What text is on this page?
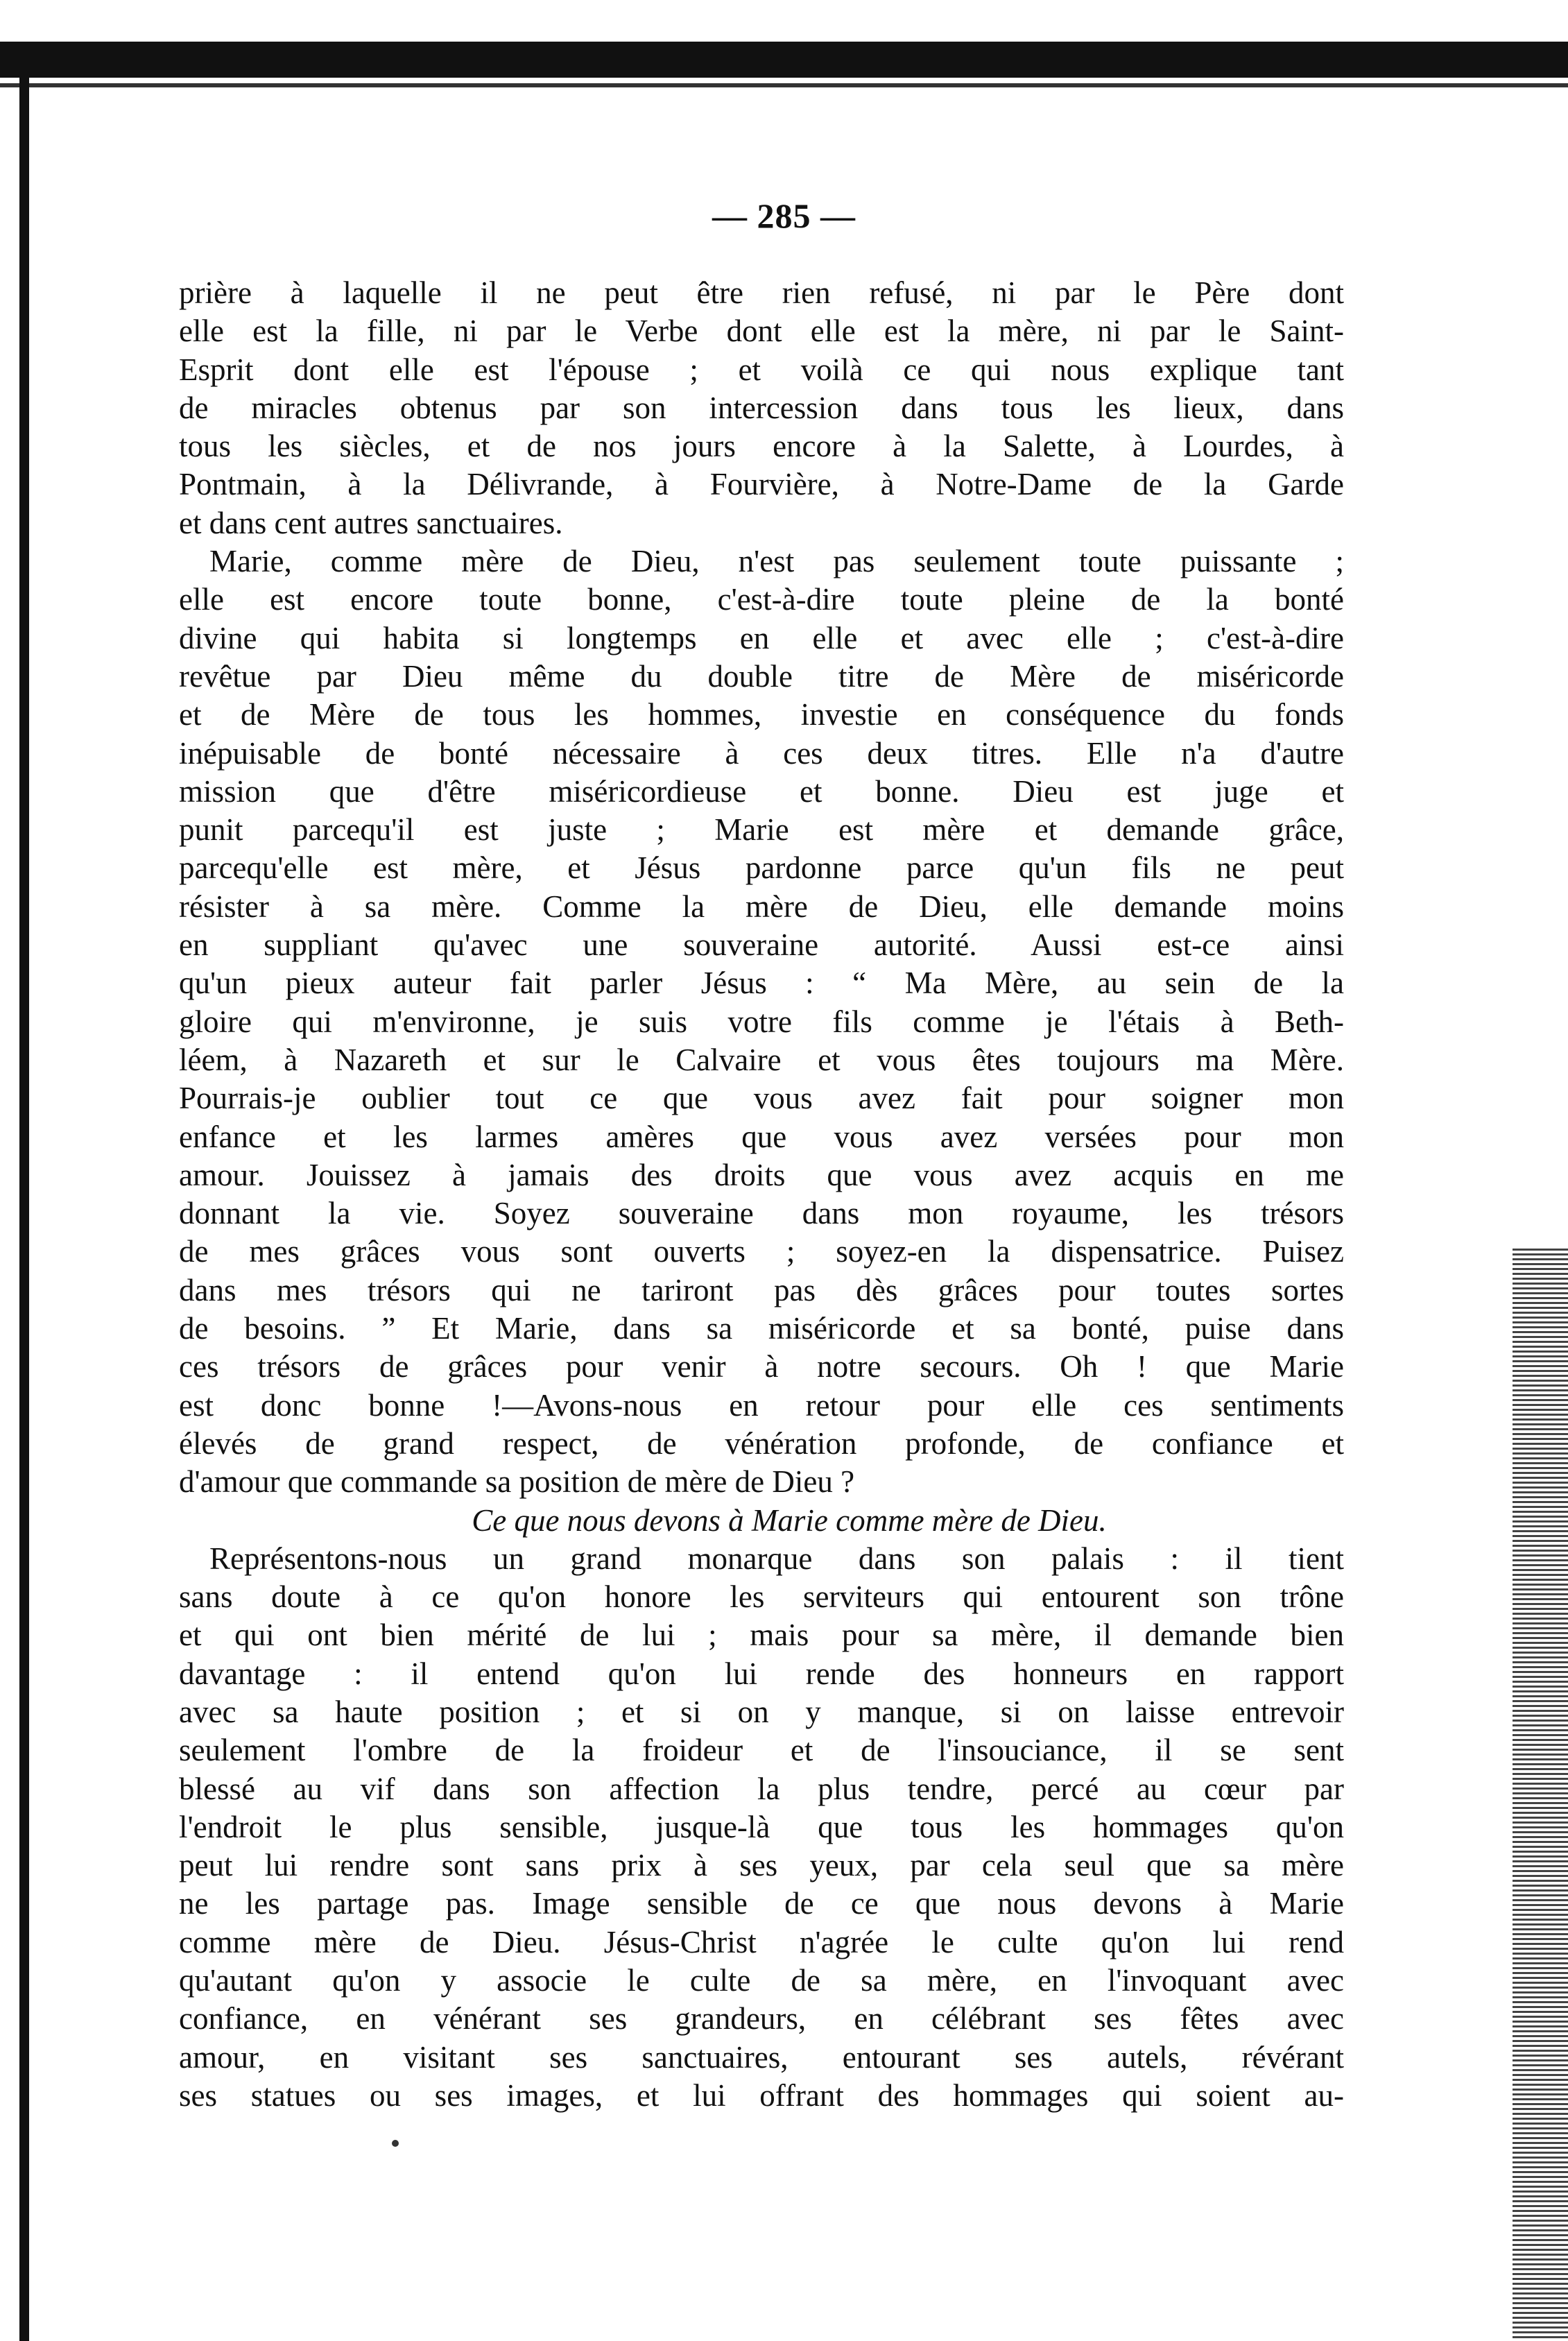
— 285 —
prière à laquelle il ne peut être rien refusé, ni par le Père dont
elle est la fille, ni par le Verbe dont elle est la mère, ni par le Saint-
Esprit dont elle est l'épouse ; et voilà ce qui nous explique tant
de miracles obtenus par son intercession dans tous les lieux, dans
tous les siècles, et de nos jours encore à la Salette, à Lourdes, à
Pontmain, à la Délivrande, à Fourvière, à Notre-Dame de la Garde
et dans cent autres sanctuaires.
Marie, comme mère de Dieu, n'est pas seulement toute puissante ;
elle est encore toute bonne, c'est-à-dire toute pleine de la bonté
divine qui habita si longtemps en elle et avec elle ; c'est-à-dire
revêtue par Dieu même du double titre de Mère de miséricorde
et de Mère de tous les hommes, investie en conséquence du fonds
inépuisable de bonté nécessaire à ces deux titres. Elle n'a d'autre
mission que d'être miséricordieuse et bonne. Dieu est juge et
punit parcequ'il est juste ; Marie est mère et demande grâce,
parcequ'elle est mère, et Jésus pardonne parce qu'un fils ne peut
résister à sa mère. Comme la mère de Dieu, elle demande moins
en suppliant qu'avec une souveraine autorité. Aussi est-ce ainsi
qu'un pieux auteur fait parler Jésus : “ Ma Mère, au sein de la
gloire qui m'environne, je suis votre fils comme je l'étais à Beth-
léem, à Nazareth et sur le Calvaire et vous êtes toujours ma Mère.
Pourrais-je oublier tout ce que vous avez fait pour soigner mon
enfance et les larmes amères que vous avez versées pour mon
amour. Jouissez à jamais des droits que vous avez acquis en me
donnant la vie. Soyez souveraine dans mon royaume, les trésors
de mes grâces vous sont ouverts ; soyez-en la dispensatrice. Puisez
dans mes trésors qui ne tariront pas dès grâces pour toutes sortes
de besoins. ” Et Marie, dans sa miséricorde et sa bonté, puise dans
ces trésors de grâces pour venir à notre secours. Oh ! que Marie
est donc bonne !—Avons-nous en retour pour elle ces sentiments
élevés de grand respect, de vénération profonde, de confiance et
d'amour que commande sa position de mère de Dieu ?
Ce que nous devons à Marie comme mère de Dieu.
Représentons-nous un grand monarque dans son palais : il tient
sans doute à ce qu'on honore les serviteurs qui entourent son trône
et qui ont bien mérité de lui ; mais pour sa mère, il demande bien
davantage : il entend qu'on lui rende des honneurs en rapport
avec sa haute position ; et si on y manque, si on laisse entrevoir
seulement l'ombre de la froideur et de l'insouciance, il se sent
blessé au vif dans son affection la plus tendre, percé au cœur par
l'endroit le plus sensible, jusque-là que tous les hommages qu'on
peut lui rendre sont sans prix à ses yeux, par cela seul que sa mère
ne les partage pas. Image sensible de ce que nous devons à Marie
comme mère de Dieu. Jésus-Christ n'agrée le culte qu'on lui rend
qu'autant qu'on y associe le culte de sa mère, en l'invoquant avec
confiance, en vénérant ses grandeurs, en célébrant ses fêtes avec
amour, en visitant ses sanctuaires, entourant ses autels, révérant
ses statues ou ses images, et lui offrant des hommages qui soient au-
